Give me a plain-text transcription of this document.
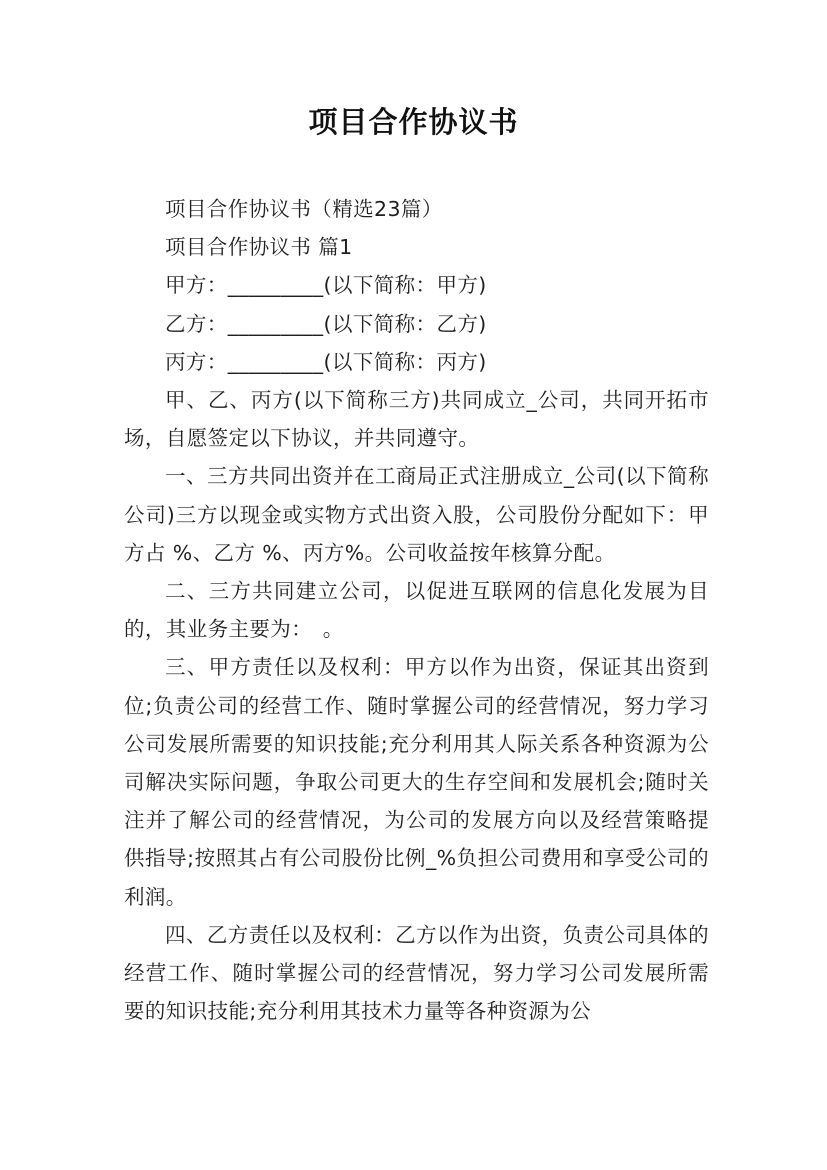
项目合作协议书

项目合作协议书（精选23篇）

项目合作协议书 篇1

甲方：_________(以下简称：甲方)

乙方：_________(以下简称：乙方)

丙方：_________(以下简称：丙方)

甲、乙、丙方(以下简称三方)共同成立_公司，共同开拓市场，自愿签定以下协议，并共同遵守。

一、三方共同出资并在工商局正式注册成立_公司(以下简称公司)三方以现金或实物方式出资入股，公司股份分配如下：甲方占 %、乙方 %、丙方%。公司收益按年核算分配。

二、三方共同建立公司，以促进互联网的信息化发展为目的，其业务主要为：　。

三、甲方责任以及权利：甲方以作为出资，保证其出资到位;负责公司的经营工作、随时掌握公司的经营情况，努力学习公司发展所需要的知识技能;充分利用其人际关系各种资源为公司解决实际问题，争取公司更大的生存空间和发展机会;随时关注并了解公司的经营情况，为公司的发展方向以及经营策略提供指导;按照其占有公司股份比例_%负担公司费用和享受公司的利润。

四、乙方责任以及权利：乙方以作为出资，负责公司具体的经营工作、随时掌握公司的经营情况，努力学习公司发展所需要的知识技能;充分利用其技术力量等各种资源为公
